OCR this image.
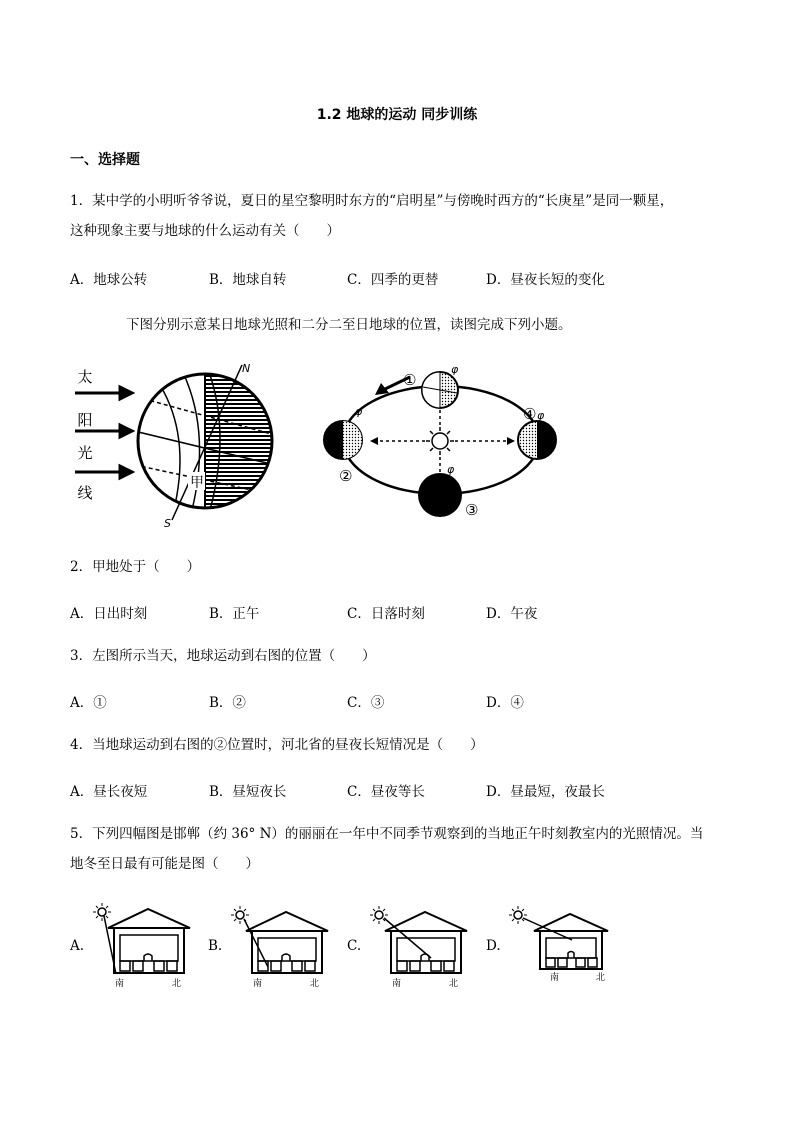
1.2 地球的运动 同步训练
一、选择题
1．某中学的小明听爷爷说，夏日的星空黎明时东方的“启明星”与傍晚时西方的“长庚星”是同一颗星，
这种现象主要与地球的什么运动有关（　　）
A．地球公转	B．地球自转	C．四季的更替	D．昼夜长短的变化
下图分别示意某日地球光照和二分二至日地球的位置，读图完成下列小题。
太
阳
光
线
N
S
甲
φ
φ
φ
φ
①
②
③
④
2．甲地处于（　　）
A．日出时刻	B．正午	C．日落时刻	D．午夜
3．左图所示当天，地球运动到右图的位置（　　）
A．①	B．②	C．③	D．④
4．当地球运动到右图的②位置时，河北省的昼夜长短情况是（　　）
A．昼长夜短	B．昼短夜长	C．昼夜等长	D．昼最短，夜最长
5．下列四幅图是邯郸（约 36° N）的丽丽在一年中不同季节观察到的当地正午时刻教室内的光照情况。当
地冬至日最有可能是图（　　）
A.	B.	C.	D.
南	北	南	北	南	北
南	北
